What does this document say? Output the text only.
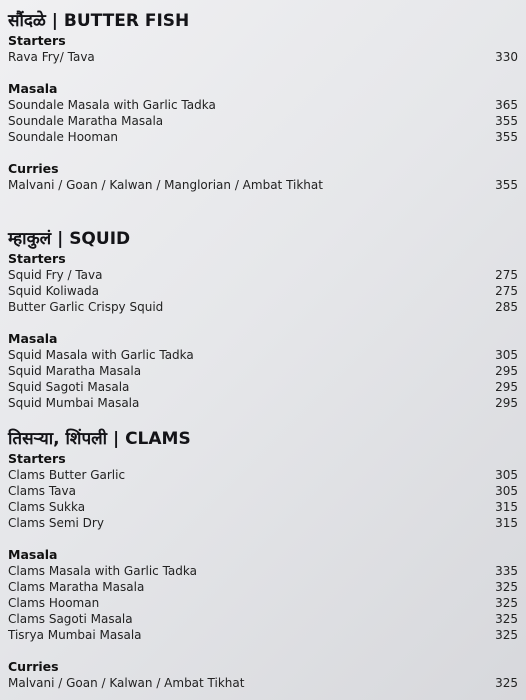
सौंदळे | BUTTER FISH
Starters
Rava Fry/ Tava	330
Masala
Soundale Masala with Garlic Tadka	365
Soundale Maratha Masala	355
Soundale Hooman	355
Curries
Malvani / Goan / Kalwan / Manglorian / Ambat Tikhat	355
म्हाकुलं | SQUID
Starters
Squid Fry / Tava	275
Squid Koliwada	275
Butter Garlic Crispy Squid	285
Masala
Squid Masala with Garlic Tadka	305
Squid Maratha Masala	295
Squid Sagoti Masala	295
Squid Mumbai Masala	295
तिसऱ्या, शिंपली | CLAMS
Starters
Clams Butter Garlic	305
Clams Tava	305
Clams Sukka	315
Clams Semi Dry	315
Masala
Clams Masala with Garlic Tadka	335
Clams Maratha Masala	325
Clams Hooman	325
Clams Sagoti Masala	325
Tisrya Mumbai Masala	325
Curries
Malvani / Goan / Kalwan / Ambat Tikhat	325
